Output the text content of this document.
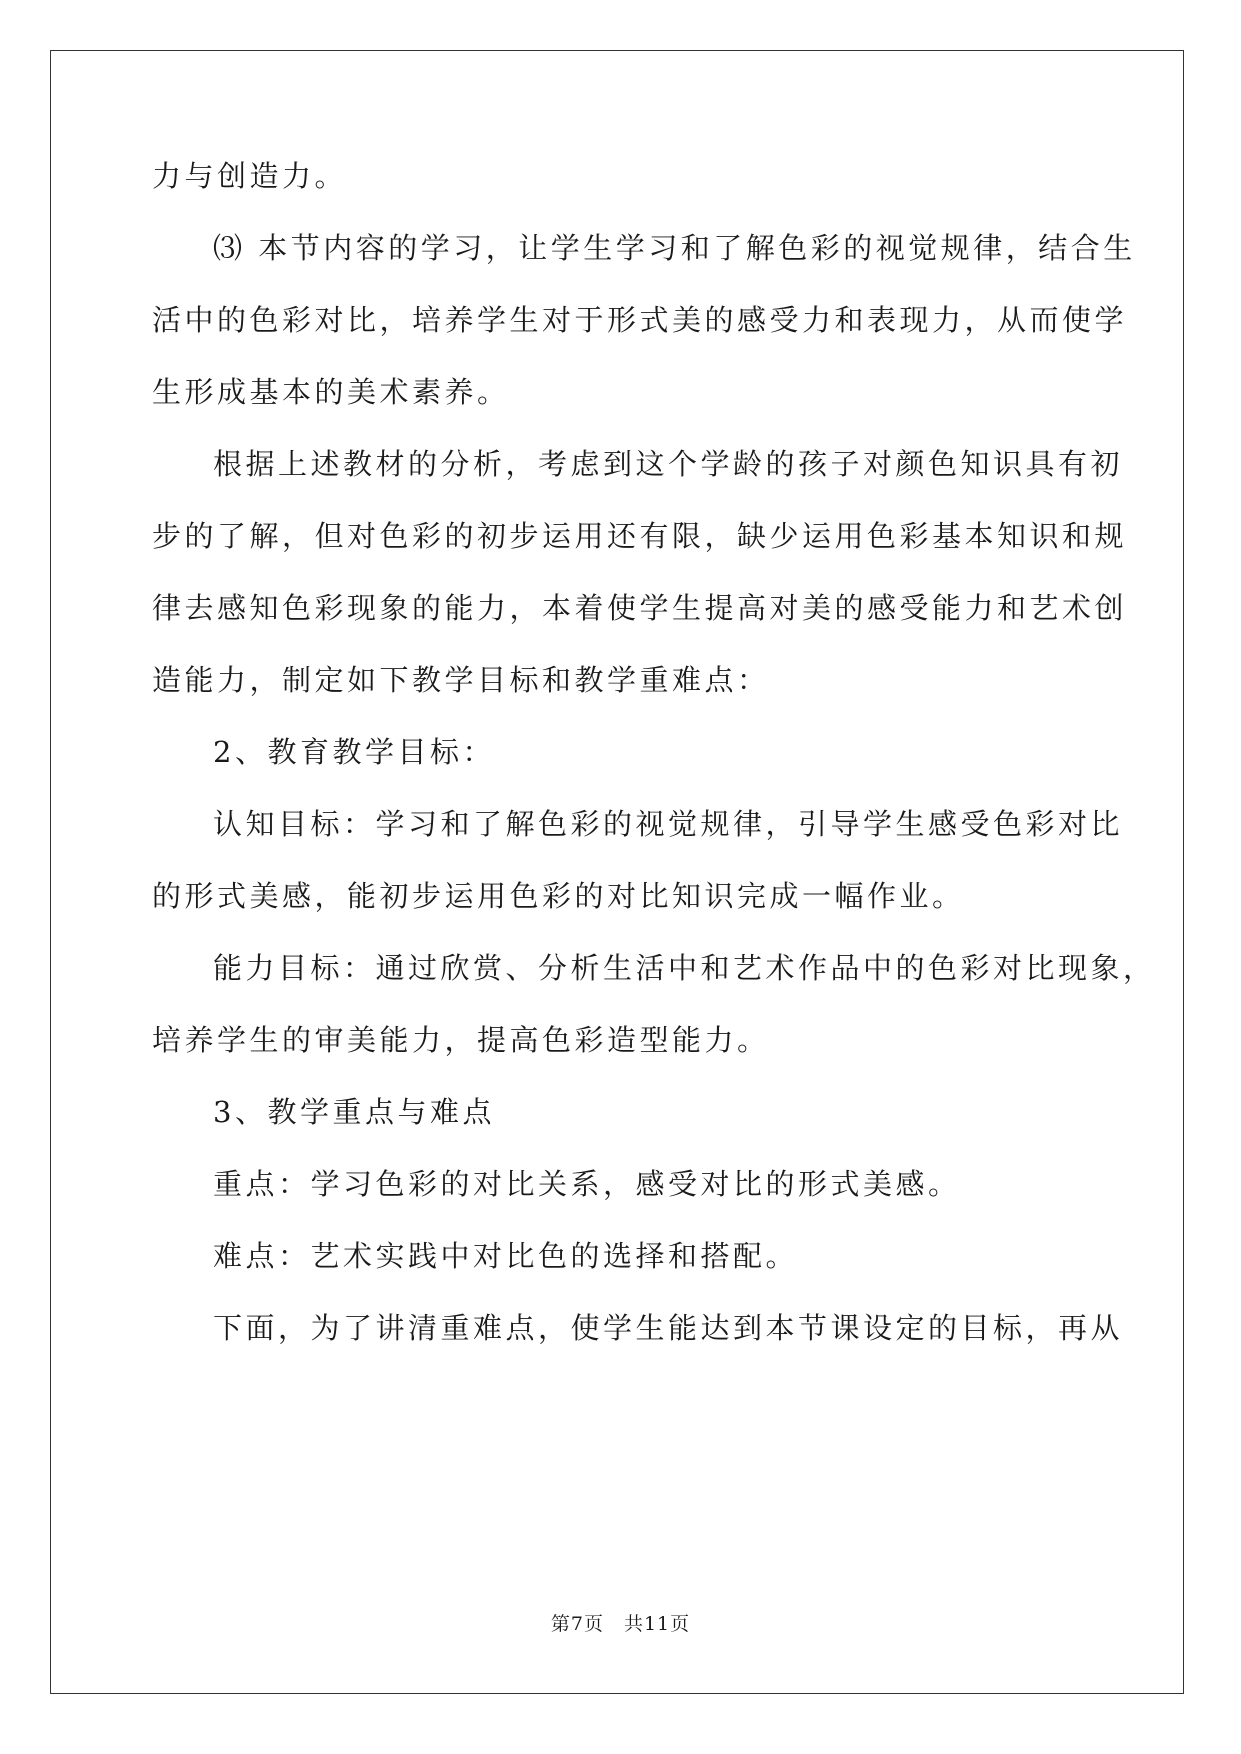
力与创造力。
⑶ 本节内容的学习，让学生学习和了解色彩的视觉规律，结合生
活中的色彩对比，培养学生对于形式美的感受力和表现力，从而使学
生形成基本的美术素养。
根据上述教材的分析，考虑到这个学龄的孩子对颜色知识具有初
步的了解，但对色彩的初步运用还有限，缺少运用色彩基本知识和规
律去感知色彩现象的能力，本着使学生提高对美的感受能力和艺术创
造能力，制定如下教学目标和教学重难点：
2、教育教学目标：
认知目标：学习和了解色彩的视觉规律，引导学生感受色彩对比
的形式美感，能初步运用色彩的对比知识完成一幅作业。
能力目标：通过欣赏、分析生活中和艺术作品中的色彩对比现象，
培养学生的审美能力，提高色彩造型能力。
3、教学重点与难点
重点：学习色彩的对比关系，感受对比的形式美感。
难点：艺术实践中对比色的选择和搭配。
下面，为了讲清重难点，使学生能达到本节课设定的目标，再从
第7页　共11页
